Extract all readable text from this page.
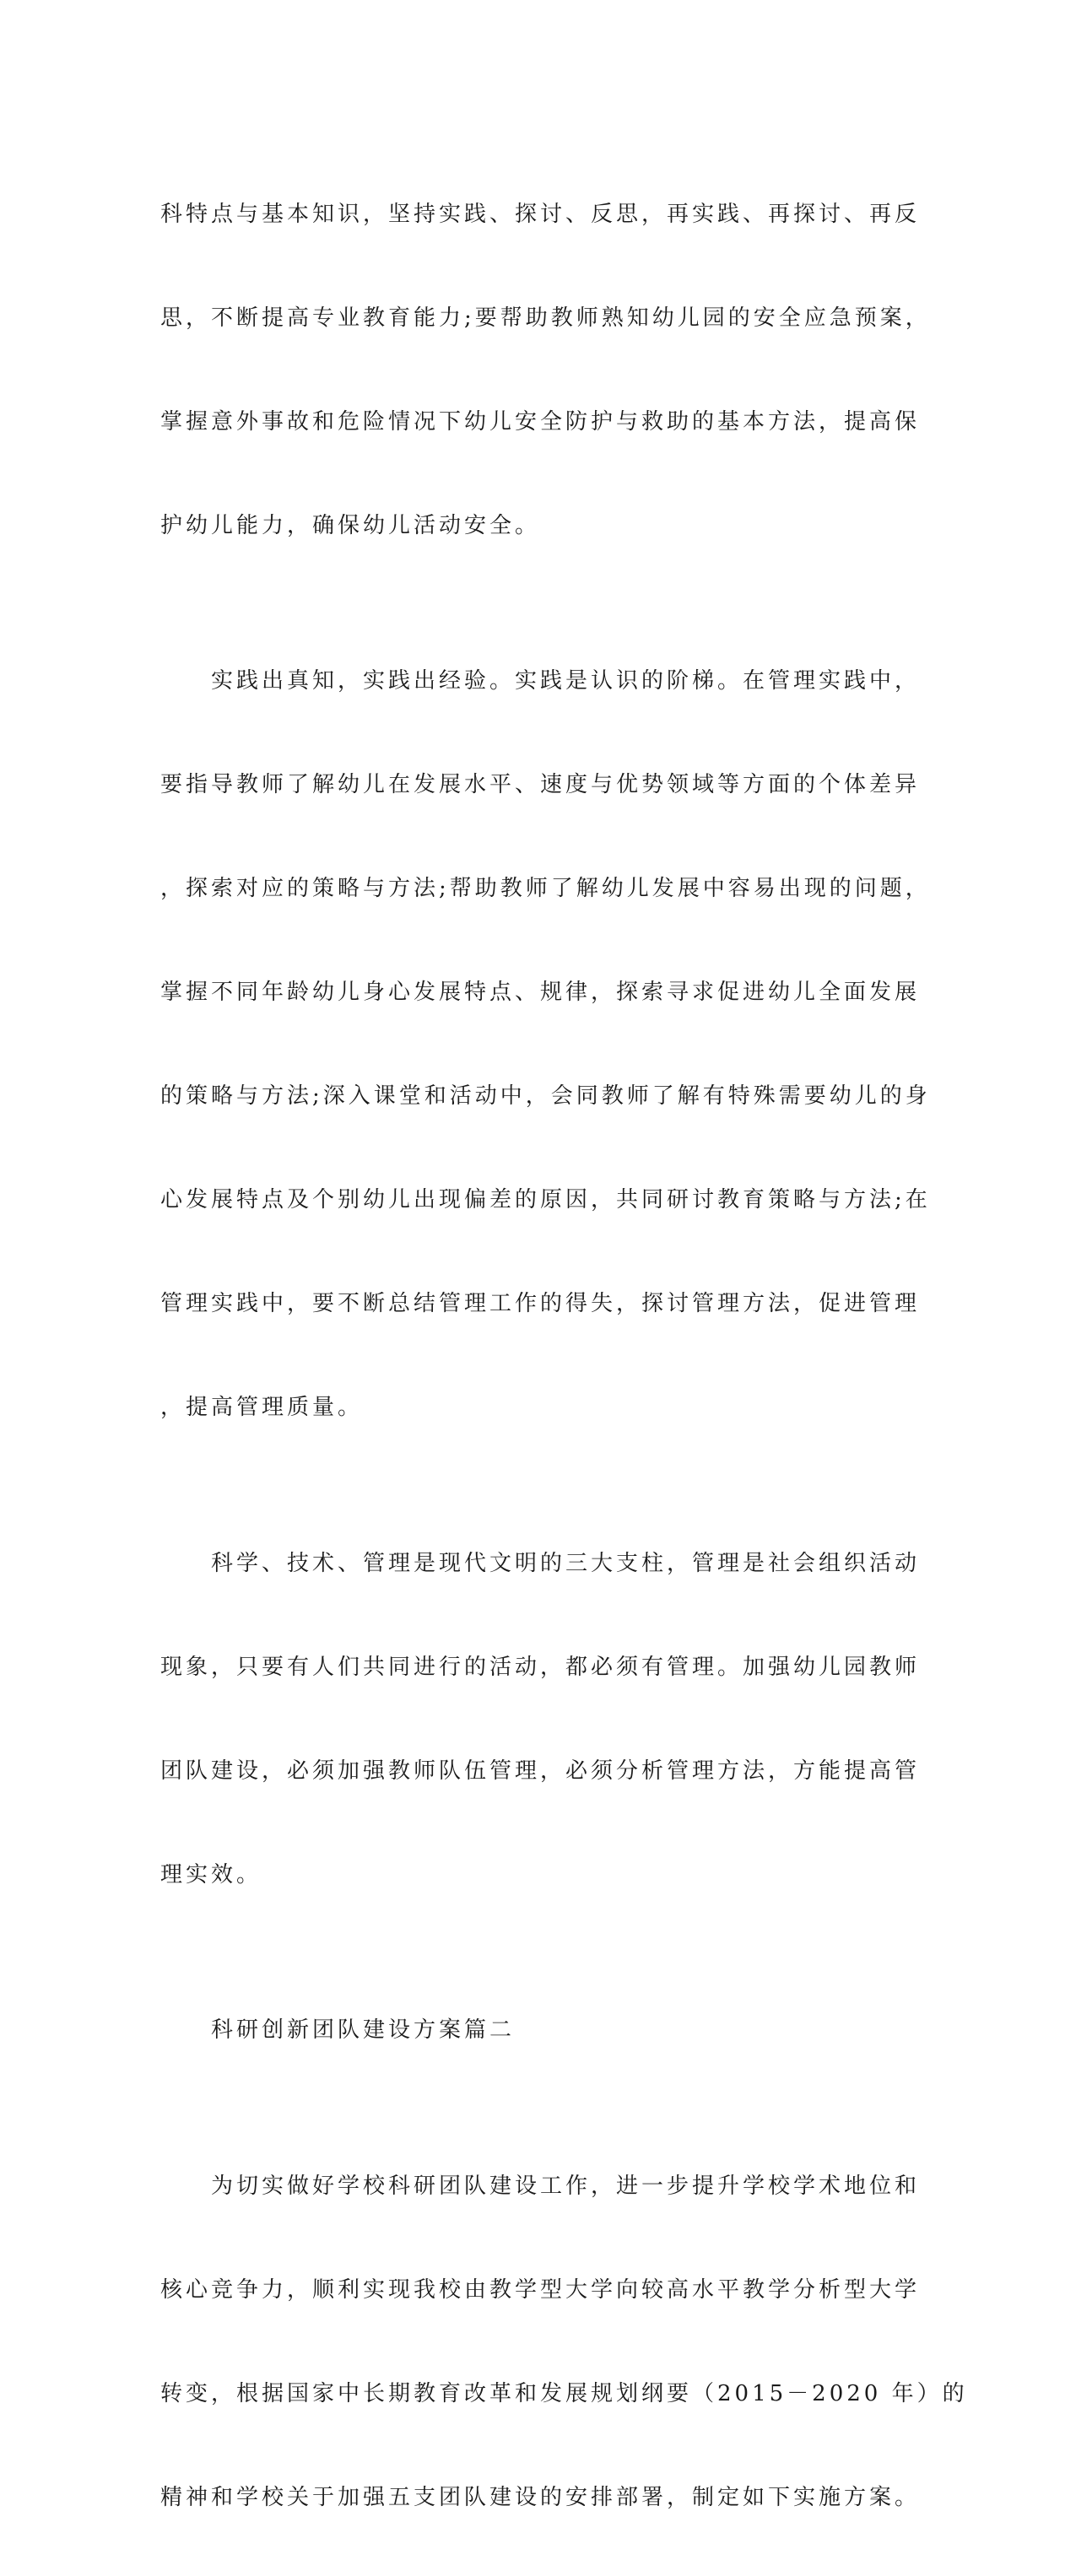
科特点与基本知识，坚持实践、探讨、反思，再实践、再探讨、再反

思，不断提高专业教育能力;要帮助教师熟知幼儿园的安全应急预案，

掌握意外事故和危险情况下幼儿安全防护与救助的基本方法，提高保

护幼儿能力，确保幼儿活动安全。

　　实践出真知，实践出经验。实践是认识的阶梯。在管理实践中，

要指导教师了解幼儿在发展水平、速度与优势领域等方面的个体差异

，探索对应的策略与方法;帮助教师了解幼儿发展中容易出现的问题，

掌握不同年龄幼儿身心发展特点、规律，探索寻求促进幼儿全面发展

的策略与方法;深入课堂和活动中，会同教师了解有特殊需要幼儿的身

心发展特点及个别幼儿出现偏差的原因，共同研讨教育策略与方法;在

管理实践中，要不断总结管理工作的得失，探讨管理方法，促进管理

，提高管理质量。

　　科学、技术、管理是现代文明的三大支柱，管理是社会组织活动

现象，只要有人们共同进行的活动，都必须有管理。加强幼儿园教师

团队建设，必须加强教师队伍管理，必须分析管理方法，方能提高管

理实效。

　　科研创新团队建设方案篇二

　　为切实做好学校科研团队建设工作，进一步提升学校学术地位和

核心竞争力，顺利实现我校由教学型大学向较高水平教学分析型大学

转变，根据国家中长期教育改革和发展规划纲要（2015－2020 年）的

精神和学校关于加强五支团队建设的安排部署，制定如下实施方案。
